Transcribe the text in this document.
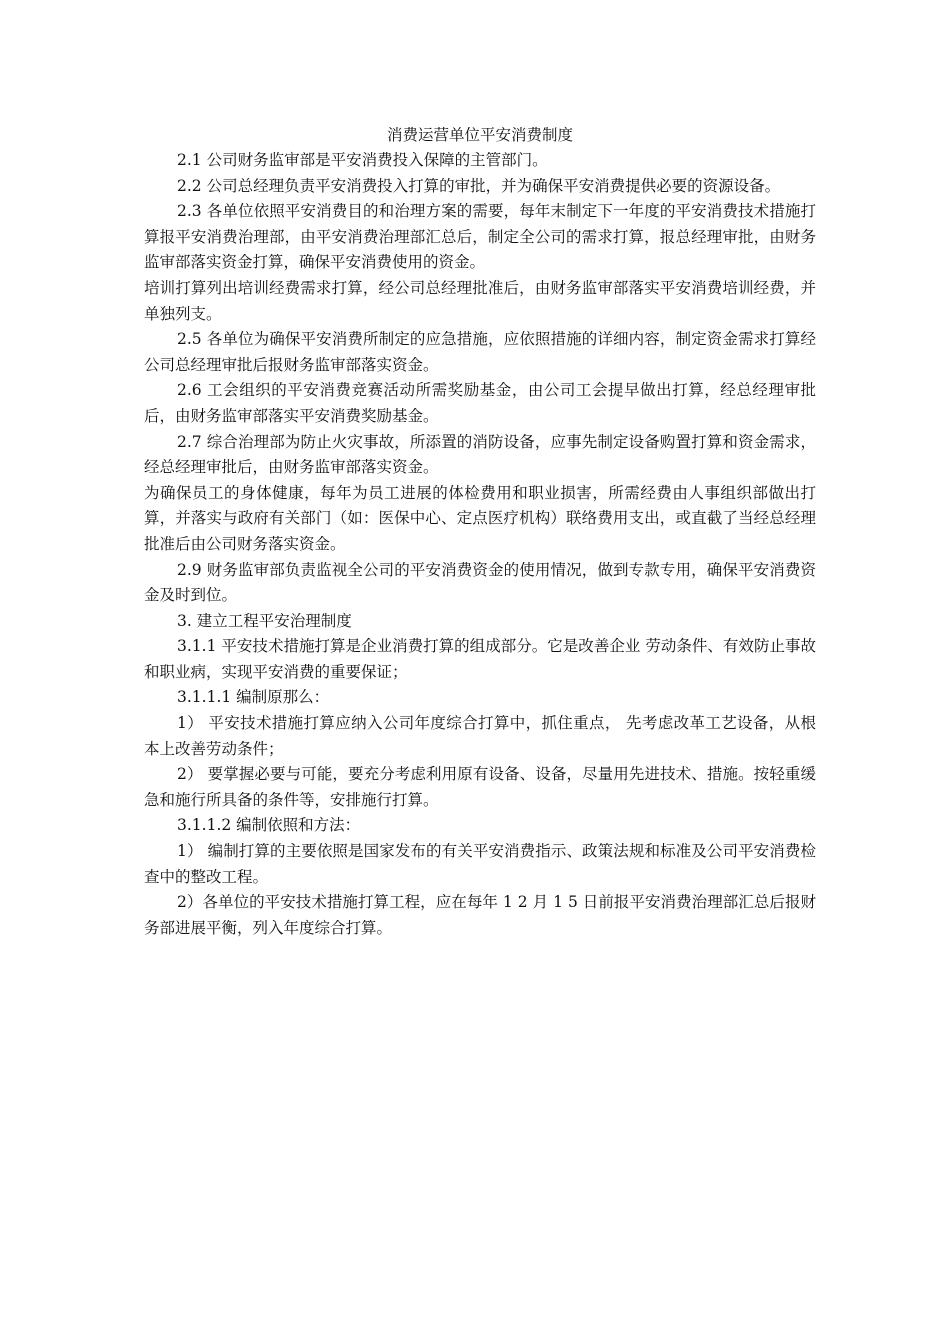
消费运营单位平安消费制度

2.1 公司财务监审部是平安消费投入保障的主管部门。

2.2 公司总经理负责平安消费投入打算的审批，并为确保平安消费提供必要的资源设备。

2.3 各单位依照平安消费目的和治理方案的需要，每年末制定下一年度的平安消费技术措施打算报平安消费治理部，由平安消费治理部汇总后，制定全公司的需求打算，报总经理审批，由财务监审部落实资金打算，确保平安消费使用的资金。

培训打算列出培训经费需求打算，经公司总经理批准后，由财务监审部落实平安消费培训经费，并单独列支。

2.5 各单位为确保平安消费所制定的应急措施，应依照措施的详细内容，制定资金需求打算经公司总经理审批后报财务监审部落实资金。

2.6 工会组织的平安消费竞赛活动所需奖励基金，由公司工会提早做出打算，经总经理审批后，由财务监审部落实平安消费奖励基金。

2.7 综合治理部为防止火灾事故，所添置的消防设备，应事先制定设备购置打算和资金需求，经总经理审批后，由财务监审部落实资金。

为确保员工的身体健康，每年为员工进展的体检费用和职业损害，所需经费由人事组织部做出打算，并落实与政府有关部门（如：医保中心、定点医疗机构）联络费用支出，或直截了当经总经理批准后由公司财务落实资金。

2.9 财务监审部负责监视全公司的平安消费资金的使用情况，做到专款专用，确保平安消费资金及时到位。

3. 建立工程平安治理制度

3.1.1 平安技术措施打算是企业消费打算的组成部分。它是改善企业 劳动条件、有效防止事故和职业病，实现平安消费的重要保证；

3.1.1.1 编制原那么：

1） 平安技术措施打算应纳入公司年度综合打算中，抓住重点， 先考虑改革工艺设备，从根本上改善劳动条件；

2） 要掌握必要与可能，要充分考虑利用原有设备、设备，尽量用先进技术、措施。按轻重缓急和施行所具备的条件等，安排施行打算。

3.1.1.2 编制依照和方法：

1） 编制打算的主要依照是国家发布的有关平安消费指示、政策法规和标准及公司平安消费检查中的整改工程。

2）各单位的平安技术措施打算工程，应在每年 1 2 月 1 5 日前报平安消费治理部汇总后报财务部进展平衡，列入年度综合打算。
